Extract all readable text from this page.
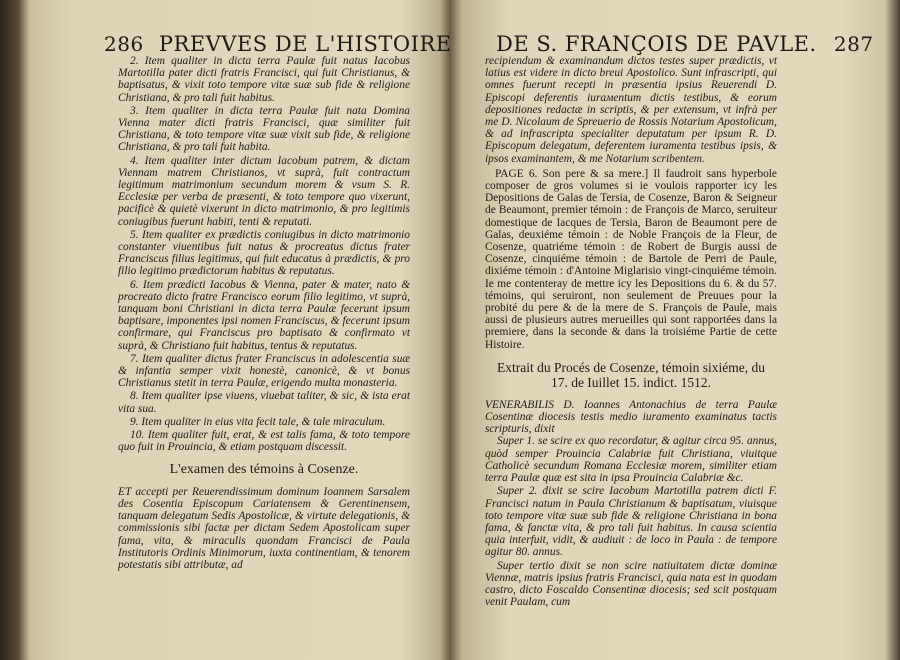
286 PREVVES DE L'HISTOIRE

2. Item qualiter in dicta terra Paulæ fuit natus Iacobus Martotilla pater dicti fratris Francisci, qui fuit Christianus, & baptisatus, & vixit toto tempore vitæ suæ sub fide & religione Christiana, & pro tali fuit habitus.

3. Item qualiter in dicta terra Paulæ fuit nata Domina Vienna mater dicti fratris Francisci, quæ similiter fuit Christiana, & toto tempore vitæ suæ vixit sub fide, & religione Christiana, & pro tali fuit habita.

4. Item qualiter inter dictum Iacobum patrem, & dictam Viennam matrem Christianos, vt suprà, fuit contractum legitimum matrimonium secundum morem & vsum S. R. Ecclesiæ per verba de præsenti, & toto tempore quo vixerunt, pacificè & quietè vixerunt in dicto matrimonio, & pro legitimis coniugibus fuerunt habiti, tenti & reputati.

5. Item qualiter ex prædictis coniugibus in dicto matrimonio constanter viuentibus fuit natus & procreatus dictus frater Franciscus filius legitimus, qui fuit educatus à prædictis, & pro filio legitimo prædictorum habitus & reputatus.

6. Item prædicti Iacobus & Vienna, pater & mater, nato & procreato dicto fratre Francisco eorum filio legitimo, vt suprà, tanquam boni Christiani in dicta terra Paulæ fecerunt ipsum baptisare, imponentes ipsi nomen Franciscus, & fecerunt ipsum confirmare, qui Franciscus pro baptisato & confirmato vt suprà, & Christiano fuit habitus, tentus & reputatus.

7. Item qualiter dictus frater Franciscus in adolescentia suæ & infantia semper vixit honestè, canonicè, & vt bonus Christianus stetit in terra Paulæ, erigendo multa monasteria.

8. Item qualiter ipse viuens, viuebat taliter, & sic, & ista erat vita sua.

9. Item qualiter in eius vita fecit tale, & tale miraculum.

10. Item qualiter fuit, erat, & est talis fama, & toto tempore quo fuit in Prouincia, & etiam postquam discessit.

L'examen des témoins à Cosenze.

ET accepti per Reuerendissimum dominum Ioannem Sarsalem des Cosentia Episcopum Cariatensem & Gerentinensem, tanquam delegatum Sedis Apostolicæ, & virtute delegationis, & commissionis sibi factæ per dictam Sedem Apostolicam super fama, vita, & miraculis quondam Francisci de Paula Institutoris Ordinis Minimorum, iuxta continentiam, & tenorem potestatis sibi attributæ, ad

DE S. FRANÇOIS DE PAVLE. 287

recipiendum & examinandum dictos testes super prædictis, vt latius est videre in dicto breui Apostolico. Sunt infrascripti, qui omnes fuerunt recepti in præsentia ipsius Reuerendi D. Episcopi deferentis iurамentum dictis testibus, & eorum depositiones redactæ in scriptis, & per extensum, vt infrà per me D. Nicolaum de Spreuerio de Rossis Notarium Apostolicum, & ad infrascripta specialiter deputatum per ipsum R. D. Episcopum delegatum, deferentem iuramenta testibus ipsis, & ipsos examinantem, & me Notarium scribentem.

PAGE 6. Son pere & sa mere.] Il faudroit sans hyperbole composer de gros volumes si ie voulois rapporter icy les Depositions de Galas de Tersia, de Cosenze, Baron & Seigneur de Beaumont, premier témoin : de François de Marco, seruiteur domestique de Iacques de Tersia, Baron de Beaumont pere de Galas, deuxiéme témoin : de Noble François de la Fleur, de Cosenze, quatriéme témoin : de Robert de Burgis aussi de Cosenze, cinquiéme témoin : de Bartole de Perri de Paule, dixiéme témoin : d'Antoine Miglarisio vingt-cinquiéme témoin. Ie me contenteray de mettre icy les Depositions du 6. & du 57. témoins, qui seruiront, non seulement de Preuues pour la probité du pere & de la mere de S. François de Paule, mais aussi de plusieurs autres merueilles qui sont rapportées dans la premiere, dans la seconde & dans la troisiéme Partie de cette Histoire.

Extrait du Procés de Cosenze, témoin sixiéme, du 17. de Iuillet 15. indict. 1512.

VENERABILIS D. Ioannes Antonachius de terra Paulæ Cosentinæ diocesis testis medio iuramento examinatus tactis scripturis, dixit

Super 1. se scire ex quo recordatur, & agitur circa 95. annus, quòd semper Prouincia Calabriæ fuit Christiana, viuitque Catholicè secundum Romana Ecclesiæ morem, similiter etiam terra Paulæ quæ est sita in ipsa Prouincia Calabriæ &c.

Super 2. dixit se scire Iacobum Martotilla patrem dicti F. Francisci natum in Paula Christianum & baptisatum, viuisque toto tempore vitæ suæ sub fide & religione Christiana in bona fama, & fanctæ vita, & pro tali fuit habitus. In causa scientia quia interfuit, vidit, & audiuit : de loco in Paula : de tempore agitur 80. annus.

Super tertio dixit se non scire natiuitatem dictæ dominæ Viennæ, matris ipsius fratris Francisci, quia nata est in quodam castro, dicto Foscaldo Consentinæ diocesis; sed scit postquam venit Paulam, cum
